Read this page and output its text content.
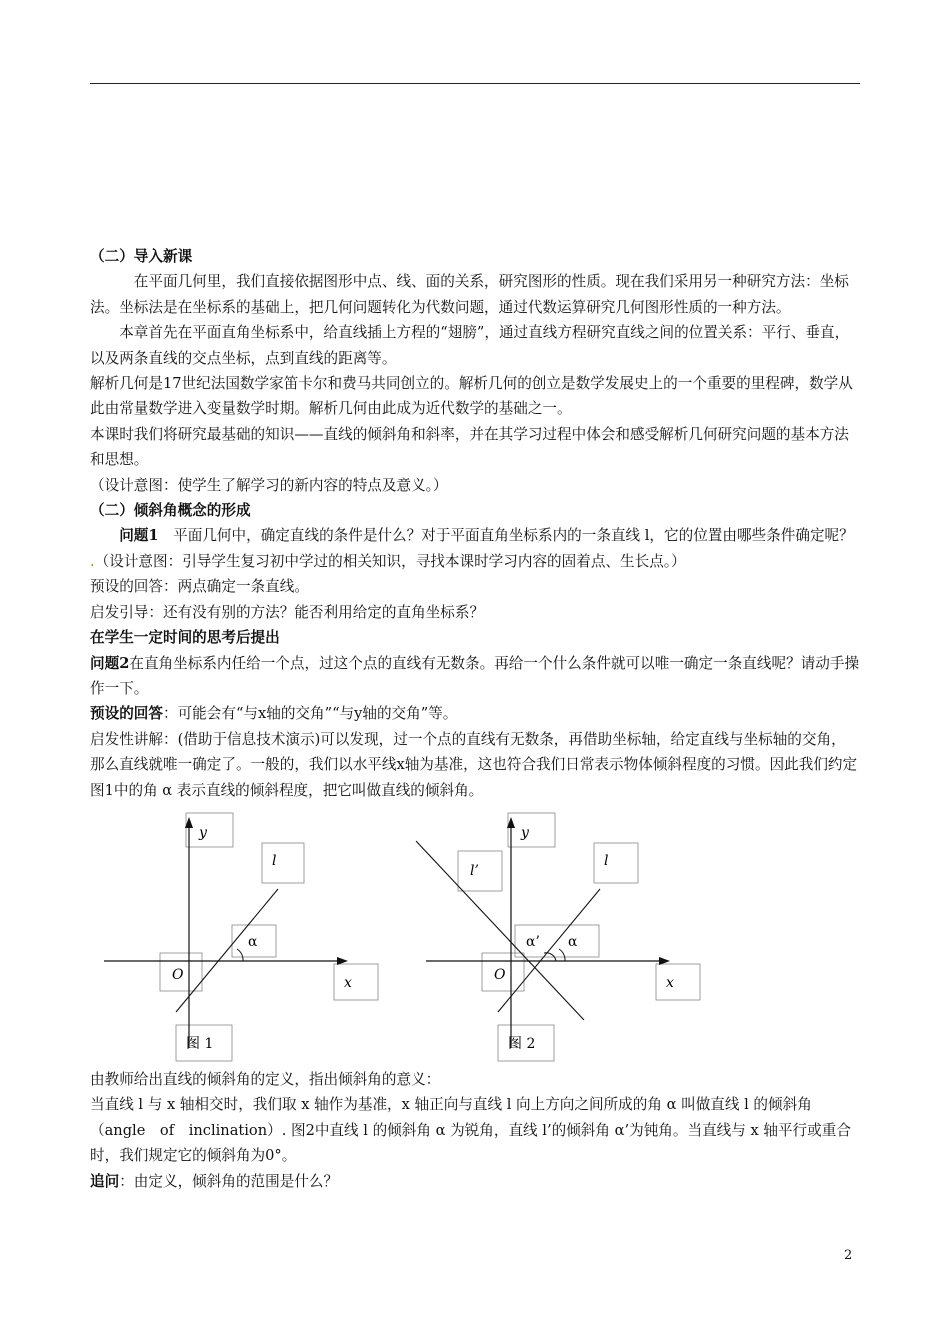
（二）导入新课

在平面几何里，我们直接依据图形中点、线、面的关系，研究图形的性质。现在我们采用另一种研究方法：坐标法。坐标法是在坐标系的基础上，把几何问题转化为代数问题，通过代数运算研究几何图形性质的一种方法。

本章首先在平面直角坐标系中，给直线插上方程的“翅膀”，通过直线方程研究直线之间的位置关系：平行、垂直，以及两条直线的交点坐标，点到直线的距离等。

解析几何是17世纪法国数学家笛卡尔和费马共同创立的。解析几何的创立是数学发展史上的一个重要的里程碑，数学从此由常量数学进入变量数学时期。解析几何由此成为近代数学的基础之一。

本课时我们将研究最基础的知识——直线的倾斜角和斜率，并在其学习过程中体会和感受解析几何研究问题的基本方法和思想。

（设计意图：使学生了解学习的新内容的特点及意义。）

（二）倾斜角概念的形成

问题1　平面几何中，确定直线的条件是什么？对于平面直角坐标系内的一条直线 l，它的位置由哪些条件确定呢？

.（设计意图：引导学生复习初中学过的相关知识，寻找本课时学习内容的固着点、生长点。）

预设的回答：两点确定一条直线。

启发引导：还有没有别的方法？能否利用给定的直角坐标系？

在学生一定时间的思考后提出

问题2在直角坐标系内任给一个点，过这个点的直线有无数条。再给一个什么条件就可以唯一确定一条直线呢？请动手操作一下。

预设的回答：可能会有“与x轴的交角”“与y轴的交角”等。

启发性讲解：(借助于信息技术演示)可以发现，过一个点的直线有无数条，再借助坐标轴，给定直线与坐标轴的交角，那么直线就唯一确定了。一般的，我们以水平线x轴为基准，这也符合我们日常表示物体倾斜程度的习惯。因此我们约定图1中的角 α 表示直线的倾斜程度，把它叫做直线的倾斜角。

y
l
α
O	x
图 1
y
l
l’
α’ α
O	x
图 2

由教师给出直线的倾斜角的定义，指出倾斜角的意义：

当直线 l 与 x 轴相交时，我们取 x 轴作为基准，x 轴正向与直线 l 向上方向之间所成的角 α 叫做直线 l 的倾斜角（angle　of　inclination）. 图2中直线 l 的倾斜角 α 为锐角，直线 l’的倾斜角 α’为钝角。当直线与 x 轴平行或重合时，我们规定它的倾斜角为0°。

追问：由定义，倾斜角的范围是什么？

2
